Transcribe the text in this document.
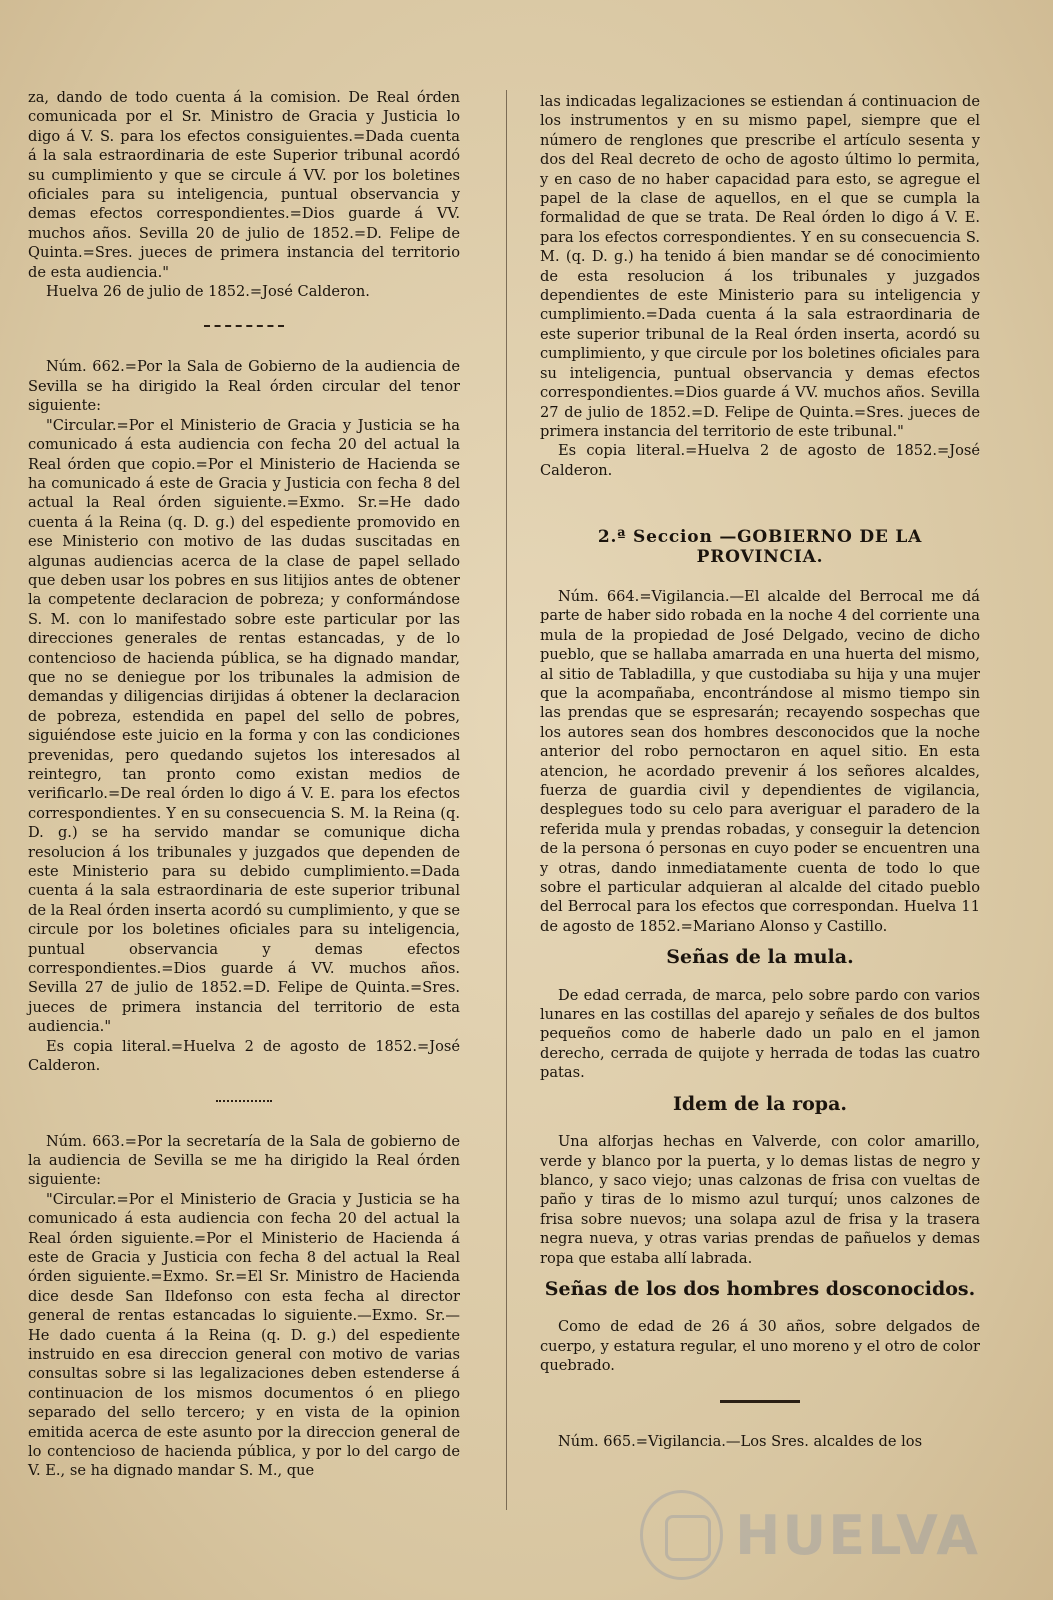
za, dando de todo cuenta á la comision. De Real órden comunicada por el Sr. Ministro de Gracia y Justicia lo digo á V. S. para los efectos consiguientes.=Dada cuenta á la sala estraordinaria de este Superior tribunal acordó su cumplimiento y que se circule á VV. por los boletines oficiales para su inteligencia, puntual observancia y demas efectos correspondientes.=Dios guarde á VV. muchos años. Sevilla 20 de julio de 1852.=D. Felipe de Quinta.=Sres. jueces de primera instancia del territorio de esta audiencia."

Huelva 26 de julio de 1852.=José Calderon.

Núm. 662.=Por la Sala de Gobierno de la audiencia de Sevilla se ha dirigido la Real órden circular del tenor siguiente:

"Circular.=Por el Ministerio de Gracia y Justicia se ha comunicado á esta audiencia con fecha 20 del actual la Real órden que copio.=Por el Ministerio de Hacienda se ha comunicado á este de Gracia y Justicia con fecha 8 del actual la Real órden siguiente.=Exmo. Sr.=He dado cuenta á la Reina (q. D. g.) del espediente promovido en ese Ministerio con motivo de las dudas suscitadas en algunas audiencias acerca de la clase de papel sellado que deben usar los pobres en sus litijios antes de obtener la competente declaracion de pobreza; y conformándose S. M. con lo manifestado sobre este particular por las direcciones generales de rentas estancadas, y de lo contencioso de hacienda pública, se ha dignado mandar, que no se deniegue por los tribunales la admision de demandas y diligencias dirijidas á obtener la declaracion de pobreza, estendida en papel del sello de pobres, siguiéndose este juicio en la forma y con las condiciones prevenidas, pero quedando sujetos los interesados al reintegro, tan pronto como existan medios de verificarlo.=De real órden lo digo á V. E. para los efectos correspondientes. Y en su consecuencia S. M. la Reina (q. D. g.) se ha servido mandar se comunique dicha resolucion á los tribunales y juzgados que dependen de este Ministerio para su debido cumplimiento.=Dada cuenta á la sala estraordinaria de este superior tribunal de la Real órden inserta acordó su cumplimiento, y que se circule por los boletines oficiales para su inteligencia, puntual observancia y demas efectos correspondientes.=Dios guarde á VV. muchos años. Sevilla 27 de julio de 1852.=D. Felipe de Quinta.=Sres. jueces de primera instancia del territorio de esta audiencia."

Es copia literal.=Huelva 2 de agosto de 1852.=José Calderon.

Núm. 663.=Por la secretaría de la Sala de gobierno de la audiencia de Sevilla se me ha dirigido la Real órden siguiente:

"Circular.=Por el Ministerio de Gracia y Justicia se ha comunicado á esta audiencia con fecha 20 del actual la Real órden siguiente.=Por el Ministerio de Hacienda á este de Gracia y Justicia con fecha 8 del actual la Real órden siguiente.=Exmo. Sr.=El Sr. Ministro de Hacienda dice desde San Ildefonso con esta fecha al director general de rentas estancadas lo siguiente.—Exmo. Sr.—He dado cuenta á la Reina (q. D. g.) del espediente instruido en esa direccion general con motivo de varias consultas sobre si las legalizaciones deben estenderse á continuacion de los mismos documentos ó en pliego separado del sello tercero; y en vista de la opinion emitida acerca de este asunto por la direccion general de lo contencioso de hacienda pública, y por lo del cargo de V. E., se ha dignado mandar S. M., que

las indicadas legalizaciones se estiendan á continuacion de los instrumentos y en su mismo papel, siempre que el número de renglones que prescribe el artículo sesenta y dos del Real decreto de ocho de agosto último lo permita, y en caso de no haber capacidad para esto, se agregue el papel de la clase de aquellos, en el que se cumpla la formalidad de que se trata. De Real órden lo digo á V. E. para los efectos correspondientes. Y en su consecuencia S. M. (q. D. g.) ha tenido á bien mandar se dé conocimiento de esta resolucion á los tribunales y juzgados dependientes de este Ministerio para su inteligencia y cumplimiento.=Dada cuenta á la sala estraordinaria de este superior tribunal de la Real órden inserta, acordó su cumplimiento, y que circule por los boletines oficiales para su inteligencia, puntual observancia y demas efectos correspondientes.=Dios guarde á VV. muchos años. Sevilla 27 de julio de 1852.=D. Felipe de Quinta.=Sres. jueces de primera instancia del territorio de este tribunal."

Es copia literal.=Huelva 2 de agosto de 1852.=José Calderon.

2.ª Seccion —GOBIERNO DE LA PROVINCIA.

Núm. 664.=Vigilancia.—El alcalde del Berrocal me dá parte de haber sido robada en la noche 4 del corriente una mula de la propiedad de José Delgado, vecino de dicho pueblo, que se hallaba amarrada en una huerta del mismo, al sitio de Tabladilla, y que custodiaba su hija y una mujer que la acompañaba, encontrándose al mismo tiempo sin las prendas que se espresarán; recayendo sospechas que los autores sean dos hombres desconocidos que la noche anterior del robo pernoctaron en aquel sitio. En esta atencion, he acordado prevenir á los señores alcaldes, fuerza de guardia civil y dependientes de vigilancia, desplegues todo su celo para averiguar el paradero de la referida mula y prendas robadas, y conseguir la detencion de la persona ó personas en cuyo poder se encuentren una y otras, dando inmediatamente cuenta de todo lo que sobre el particular adquieran al alcalde del citado pueblo del Berrocal para los efectos que correspondan. Huelva 11 de agosto de 1852.=Mariano Alonso y Castillo.

Señas de la mula.

De edad cerrada, de marca, pelo sobre pardo con varios lunares en las costillas del aparejo y señales de dos bultos pequeños como de haberle dado un palo en el jamon derecho, cerrada de quijote y herrada de todas las cuatro patas.

Idem de la ropa.

Una alforjas hechas en Valverde, con color amarillo, verde y blanco por la puerta, y lo demas listas de negro y blanco, y saco viejo; unas calzonas de frisa con vueltas de paño y tiras de lo mismo azul turquí; unos calzones de frisa sobre nuevos; una solapa azul de frisa y la trasera negra nueva, y otras varias prendas de pañuelos y demas ropa que estaba allí labrada.

Señas de los dos hombres dosconocidos.

Como de edad de 26 á 30 años, sobre delgados de cuerpo, y estatura regular, el uno moreno y el otro de color quebrado.

Núm. 665.=Vigilancia.—Los Sres. alcaldes de los

HUELVA
